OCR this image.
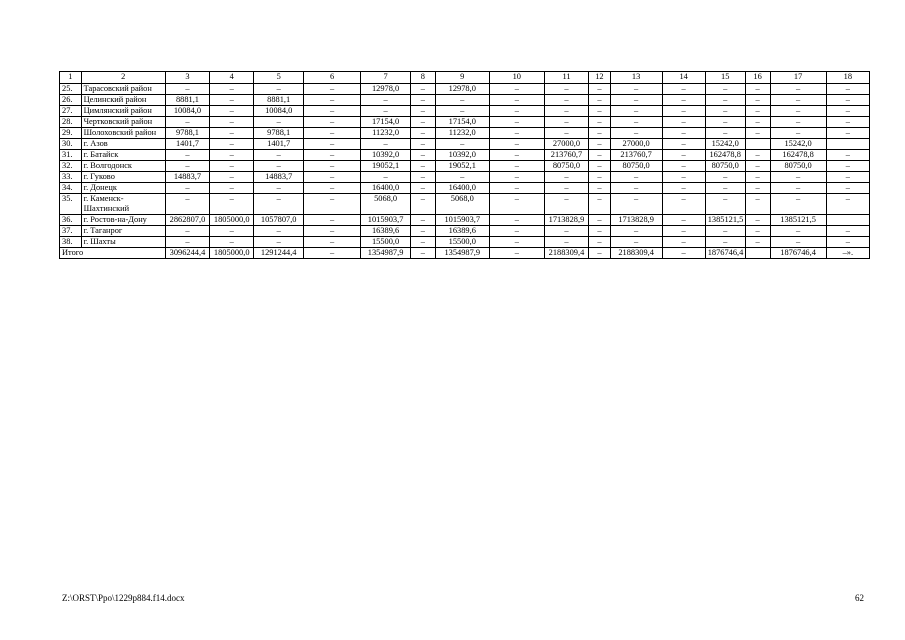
1	2	3	4	5	6	7	8	9	10	11	12	13	14	15	16	17	18
25.	Тарасовский район	–	–	–	–	12978,0	–	12978,0	–	–	–	–	–	–	–	–	–
26.	Целинский район	8881,1	–	8881,1	–	–	–	–	–	–	–	–	–	–	–	–	–
27.	Цимлянский район	10084,0	–	10084,0	–	–	–	–	–	–	–	–	–	–	–	–	–
28.	Чертковский район	–	–	–	–	17154,0	–	17154,0	–	–	–	–	–	–	–	–	–
29.	Шолоховский район	9788,1	–	9788,1	–	11232,0	–	11232,0	–	–	–	–	–	–	–	–	–
30.	г. Азов	1401,7	–	1401,7	–	–	–	–	–	27000,0	–	27000,0	–	15242,0		15242,0	
31.	г. Батайск	–	–	–	–	10392,0	–	10392,0	–	213760,7	–	213760,7	–	162478,8	–	162478,8	–
32.	г. Волгодонск	–	–	–	–	19052,1	–	19052,1	–	80750,0	–	80750,0	–	80750,0	–	80750,0	–
33.	г. Гуково	14883,7	–	14883,7	–	–	–	–	–	–	–	–	–	–	–	–	–
34.	г. Донецк	–	–	–	–	16400,0	–	16400,0	–	–	–	–	–	–	–	–	–
35.	г. Каменск-Шахтинский	–	–	–	–	5068,0	–	5068,0	–	–	–	–	–	–	–	–	–
36.	г. Ростов-на-Дону	2862807,0	1805000,0	1057807,0	–	1015903,7	–	1015903,7	–	1713828,9	–	1713828,9	–	1385121,5	–	1385121,5	
37.	г. Таганрог	–	–	–	–	16389,6	–	16389,6	–	–	–	–	–	–	–	–	–
38.	г. Шахты	–	–	–	–	15500,0	–	15500,0	–	–	–	–	–	–	–	–	–
Итого		3096244,4	1805000,0	1291244,4	–	1354987,9	–	1354987,9	–	2188309,4	–	2188309,4	–	1876746,4		1876746,4	–».
Z:\ORST\Ppo\1229p884.f14.docx	62
